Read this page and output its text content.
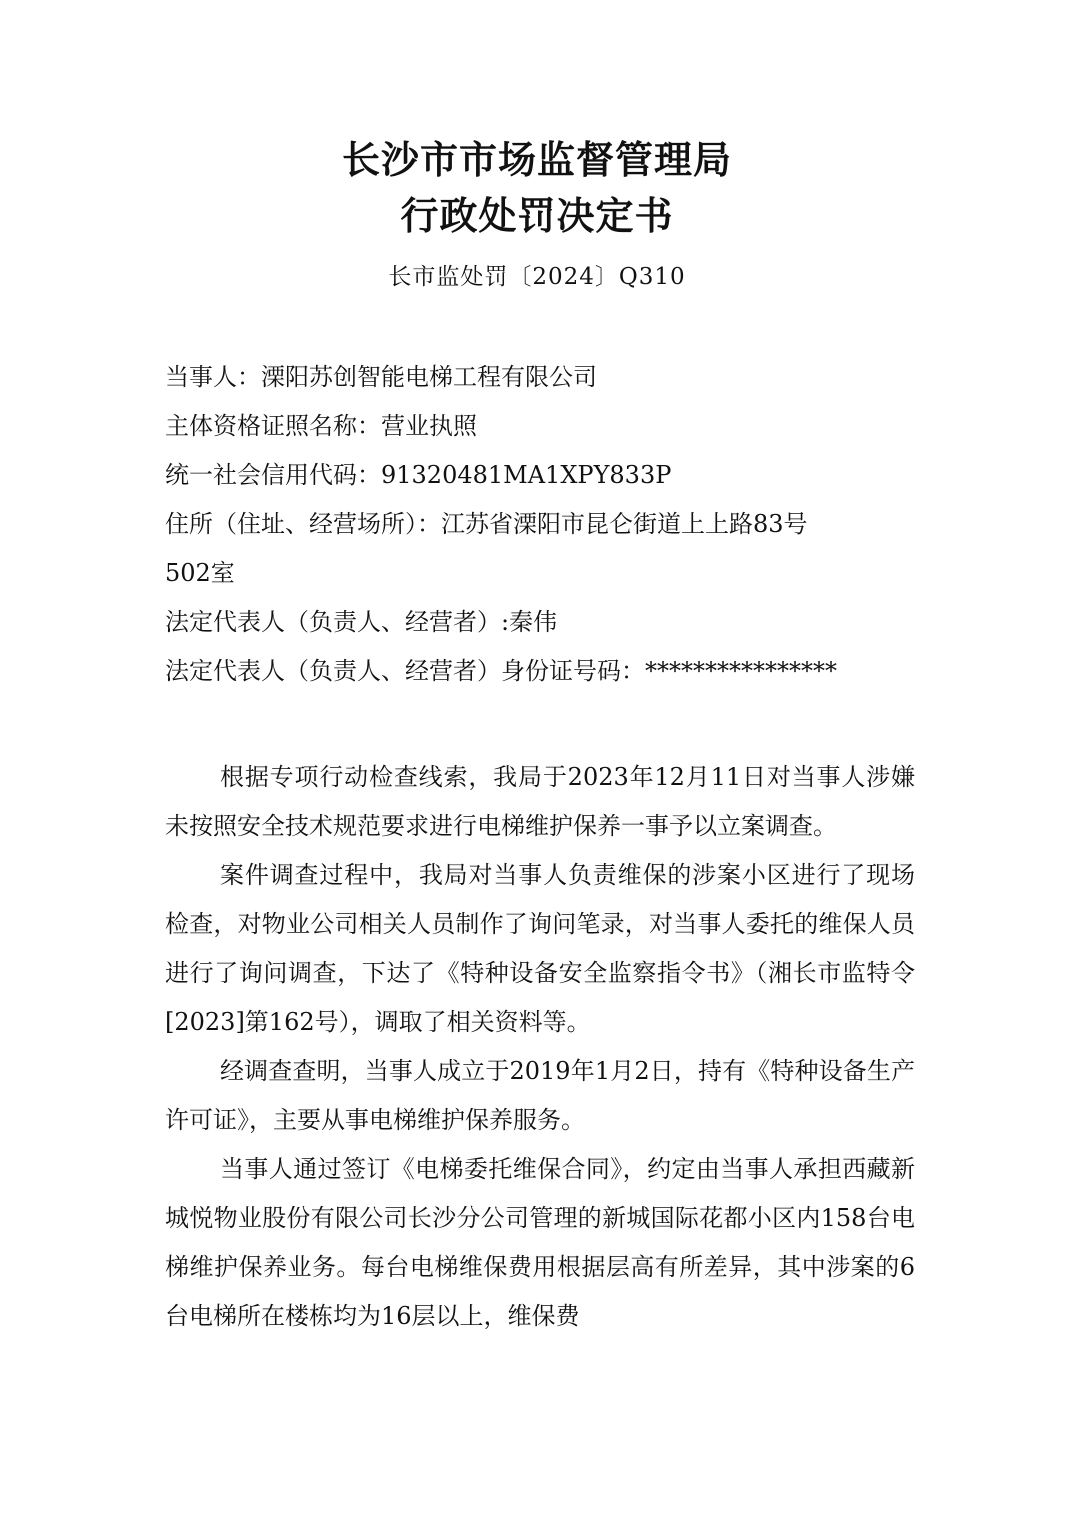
长沙市市场监督管理局
行政处罚决定书
长市监处罚〔2024〕Q310
当事人：溧阳苏创智能电梯工程有限公司
主体资格证照名称：营业执照
统一社会信用代码：91320481MA1XPY833P
住所（住址、经营场所）：江苏省溧阳市昆仑街道上上路83号
502室
法定代表人（负责人、经营者）:秦伟
法定代表人（负责人、经营者）身份证号码：****************

根据专项行动检查线索，我局于2023年12月11日对当事人涉嫌未按照安全技术规范要求进行电梯维护保养一事予以立案调查。

案件调查过程中，我局对当事人负责维保的涉案小区进行了现场检查，对物业公司相关人员制作了询问笔录，对当事人委托的维保人员进行了询问调查，下达了《特种设备安全监察指令书》（湘长市监特令[2023]第162号），调取了相关资料等。

经调查查明，当事人成立于2019年1月2日，持有《特种设备生产许可证》，主要从事电梯维护保养服务。

当事人通过签订《电梯委托维保合同》，约定由当事人承担西藏新城悦物业股份有限公司长沙分公司管理的新城国际花都小区内158台电梯维护保养业务。每台电梯维保费用根据层高有所差异，其中涉案的6台电梯所在楼栋均为16层以上，维保费
